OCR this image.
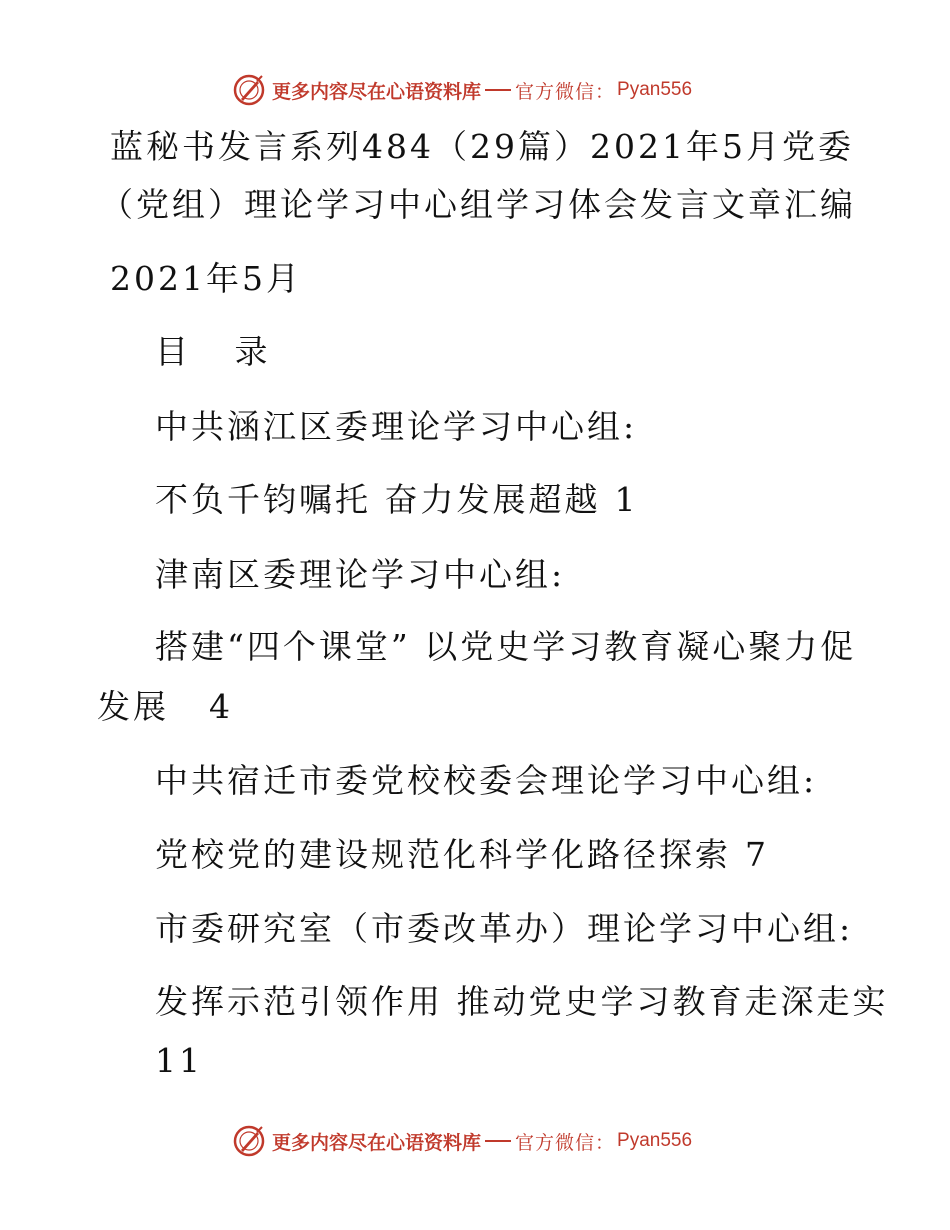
更多内容尽在心语资料库 官方微信： Pyan556
蓝秘书发言系列484（29篇）2021年5月党委
（党组）理论学习中心组学习体会发言文章汇编
2021年5月
目 录
中共涵江区委理论学习中心组:
不负千钧嘱托 奋力发展超越 1
津南区委理论学习中心组:
搭建“四个课堂” 以党史学习教育凝心聚力促
发展 4
中共宿迁市委党校校委会理论学习中心组:
党校党的建设规范化科学化路径探索 7
市委研究室（市委改革办）理论学习中心组:
发挥示范引领作用 推动党史学习教育走深走实
11
更多内容尽在心语资料库 官方微信： Pyan556
